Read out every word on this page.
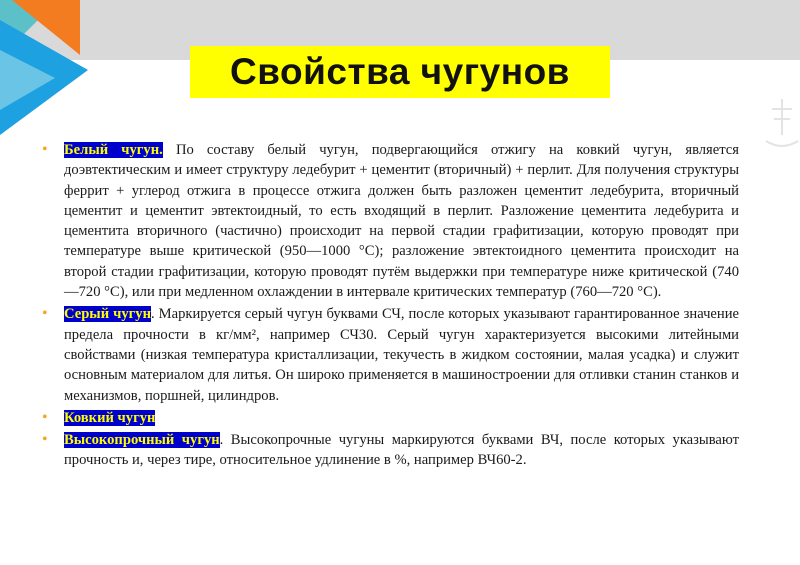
Свойства чугунов
• Белый чугун. По составу белый чугун, подвергающийся отжигу на ковкий чугун, является доэвтектическим и имеет структуру ледебурит + цементит (вторичный) + перлит. Для получения структуры феррит + углерод отжига в процессе отжига должен быть разложен цементит ледебурита, вторичный цементит и цементит эвтектоидный, то есть входящий в перлит. Разложение цементита ледебурита и цементита вторичного (частично) происходит на первой стадии графитизации, которую проводят при температуре выше критической (950—1000 °С); разложение эвтектоидного цементита происходит на второй стадии графитизации, которую проводят путём выдержки при температуре ниже критической (740—720 °С), или при медленном охлаждении в интервале критических температур (760—720 °С).
• Серый чугун. Маркируется серый чугун буквами СЧ, после которых указывают гарантированное значение предела прочности в кг/мм², например СЧ30. Серый чугун характеризуется высокими литейными свойствами (низкая температура кристаллизации, текучесть в жидком состоянии, малая усадка) и служит основным материалом для литья. Он широко применяется в машиностроении для отливки станин станков и механизмов, поршней, цилиндров.
• Ковкий чугун
• Высокопрочный чугун. Высокопрочные чугуны маркируются буквами ВЧ, после которых указывают прочность и, через тире, относительное удлинение в %, например ВЧ60-2.
